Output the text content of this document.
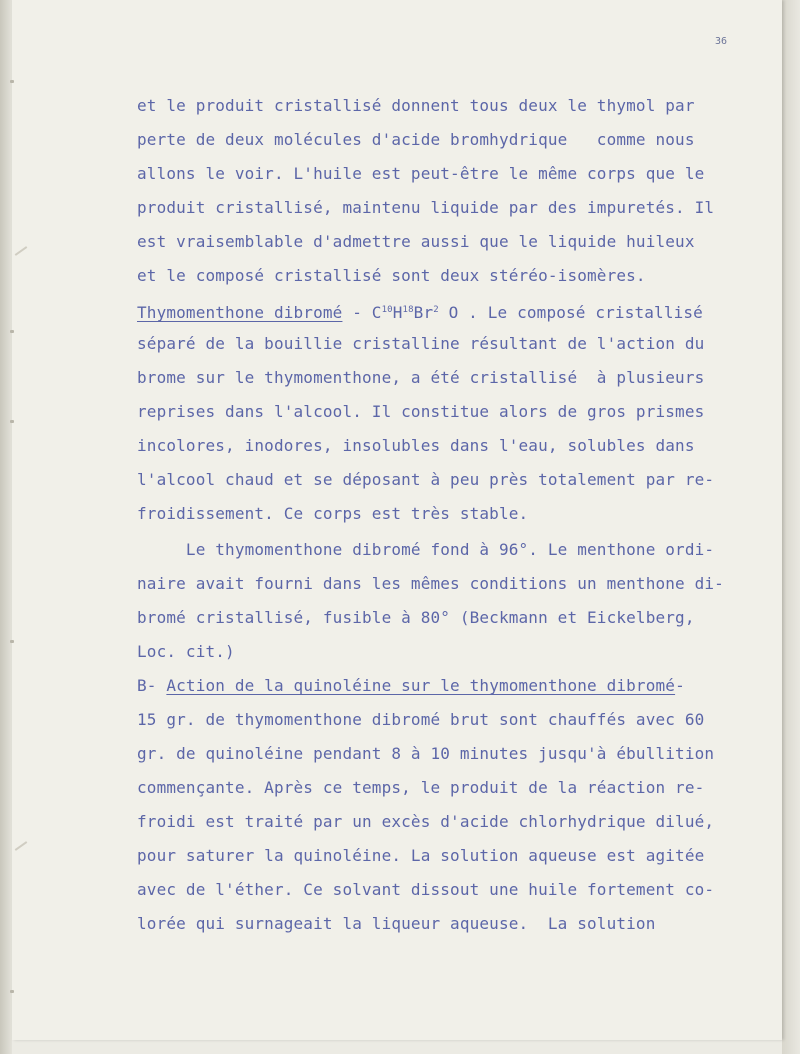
36
et le produit cristallisé donnent tous deux le thymol par
perte de deux molécules d'acide bromhydrique   comme nous
allons le voir. L'huile est peut-être le même corps que le
produit cristallisé, maintenu liquide par des impuretés. Il
est vraisemblable d'admettre aussi que le liquide huileux
et le composé cristallisé sont deux stéréo-isomères.
Thymomenthone dibromé - $C^{10}H^{18}Br^2$ O . Le composé cristallisé
séparé de la bouillie cristalline résultant de l'action du
brome sur le thymomenthone, a été cristallisé  à plusieurs
reprises dans l'alcool. Il constitue alors de gros prismes
incolores, inodores, insolubles dans l'eau, solubles dans
l'alcool chaud et se déposant à peu près totalement par re-
froidissement. Ce corps est très stable.
Le thymomenthone dibromé fond à 96°. Le menthone ordi-
naire avait fourni dans les mêmes conditions un menthone di-
bromé cristallisé, fusible à 80° (Beckmann et Eickelberg,
Loc. cit.)
B- Action de la quinoléine sur le thymomenthone dibromé-
15 gr. de thymomenthone dibromé brut sont chauffés avec 60
gr. de quinoléine pendant 8 à 10 minutes jusqu'à ébullition
commençante. Après ce temps, le produit de la réaction re-
froidi est traité par un excès d'acide chlorhydrique dilué,
pour saturer la quinoléine. La solution aqueuse est agitée
avec de l'éther. Ce solvant dissout une huile fortement co-
lorée qui surnageait la liqueur aqueuse.  La solution
